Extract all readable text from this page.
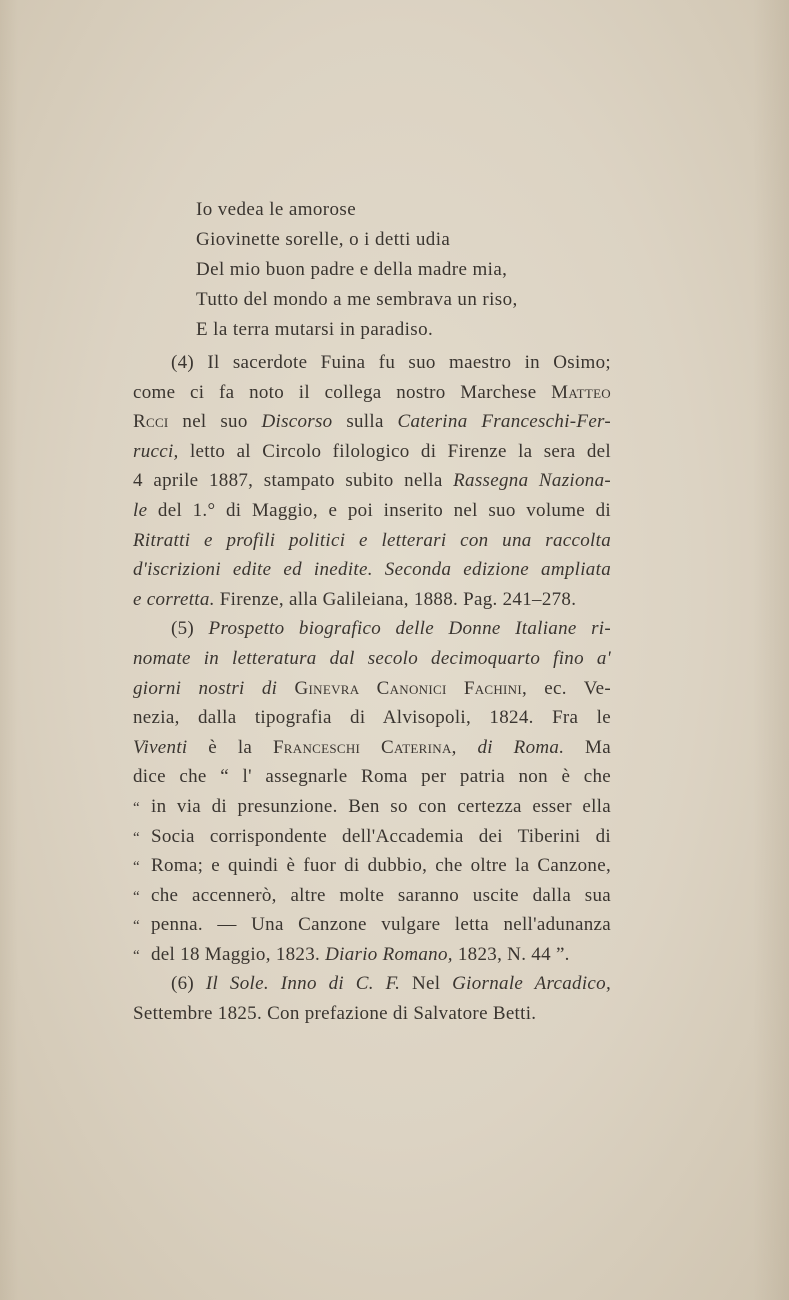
Io vedea le amorose
Giovinette sorelle, o i detti udia
Del mio buon padre e della madre mia,
Tutto del mondo a me sembrava un riso,
E la terra mutarsi in paradiso.
(4) Il sacerdote Fuina fu suo maestro in Osimo;
come ci fa noto il collega nostro Marchese Matteo
Rcci nel suo Discorso sulla Caterina Franceschi-Fer-
rucci, letto al Circolo filologico di Firenze la sera del
4 aprile 1887, stampato subito nella Rassegna Naziona-
le del 1.° di Maggio, e poi inserito nel suo volume di
Ritratti e profili politici e letterari con una raccolta
d'iscrizioni edite ed inedite. Seconda edizione ampliata
e corretta. Firenze, alla Galileiana, 1888. Pag. 241–278.
(5) Prospetto biografico delle Donne Italiane ri-
nomate in letteratura dal secolo decimoquarto fino a'
giorni nostri di Ginevra Canonici Fachini, ec. Ve-
nezia, dalla tipografia di Alvisopoli, 1824. Fra le
Viventi è la Franceschi Caterina, di Roma. Ma
dice che “ l' assegnarle Roma per patria non è che
“ in via di presunzione. Ben so con certezza esser ella
“ Socia corrispondente dell'Accademia dei Tiberini di
“ Roma; e quindi è fuor di dubbio, che oltre la Canzone,
“ che accennerò, altre molte saranno uscite dalla sua
“ penna. — Una Canzone vulgare letta nell'adunanza
“ del 18 Maggio, 1823. Diario Romano, 1823, N. 44 ”.
(6) Il Sole. Inno di C. F. Nel Giornale Arcadico,
Settembre 1825. Con prefazione di Salvatore Betti.
